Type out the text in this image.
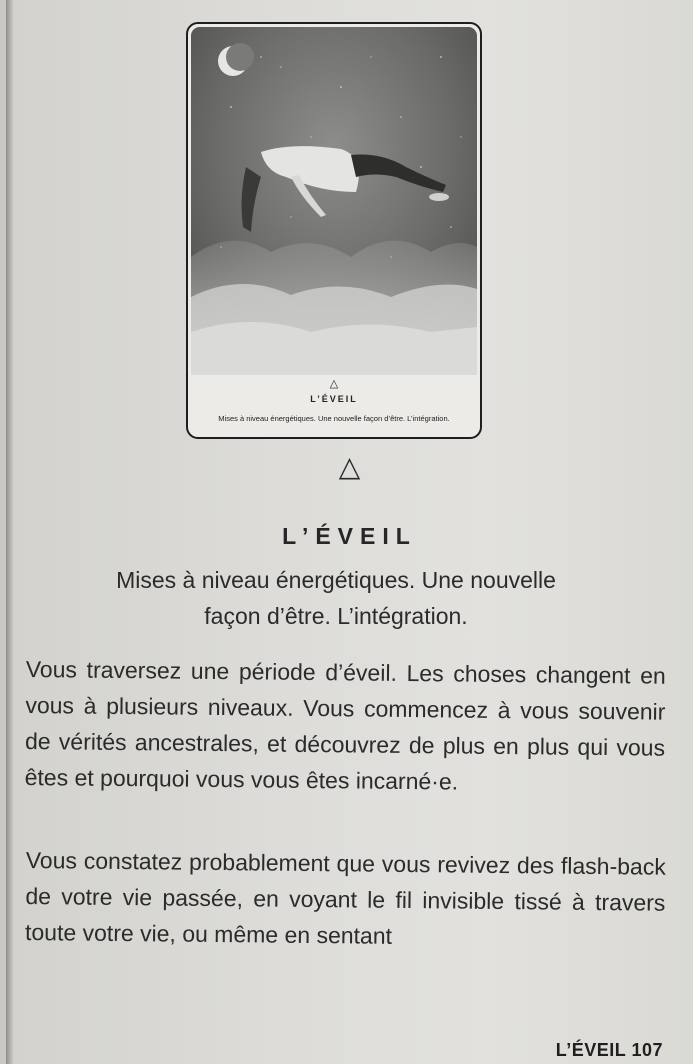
△
L’ÉVEIL
Mises à niveau énergétiques. Une nouvelle façon d’être. L’intégration.
△
L’ÉVEIL
Mises à niveau énergétiques. Une nouvelle façon d’être. L’intégration.
Vous traversez une période d’éveil. Les choses changent en vous à plusieurs niveaux. Vous commencez à vous souvenir de vérités ancestrales, et découvrez de plus en plus qui vous êtes et pourquoi vous vous êtes incarné·e.
Vous constatez probablement que vous revivez des flash-back de votre vie passée, en voyant le fil invisible tissé à travers toute votre vie, ou même en sentant
L’ÉVEIL 107
